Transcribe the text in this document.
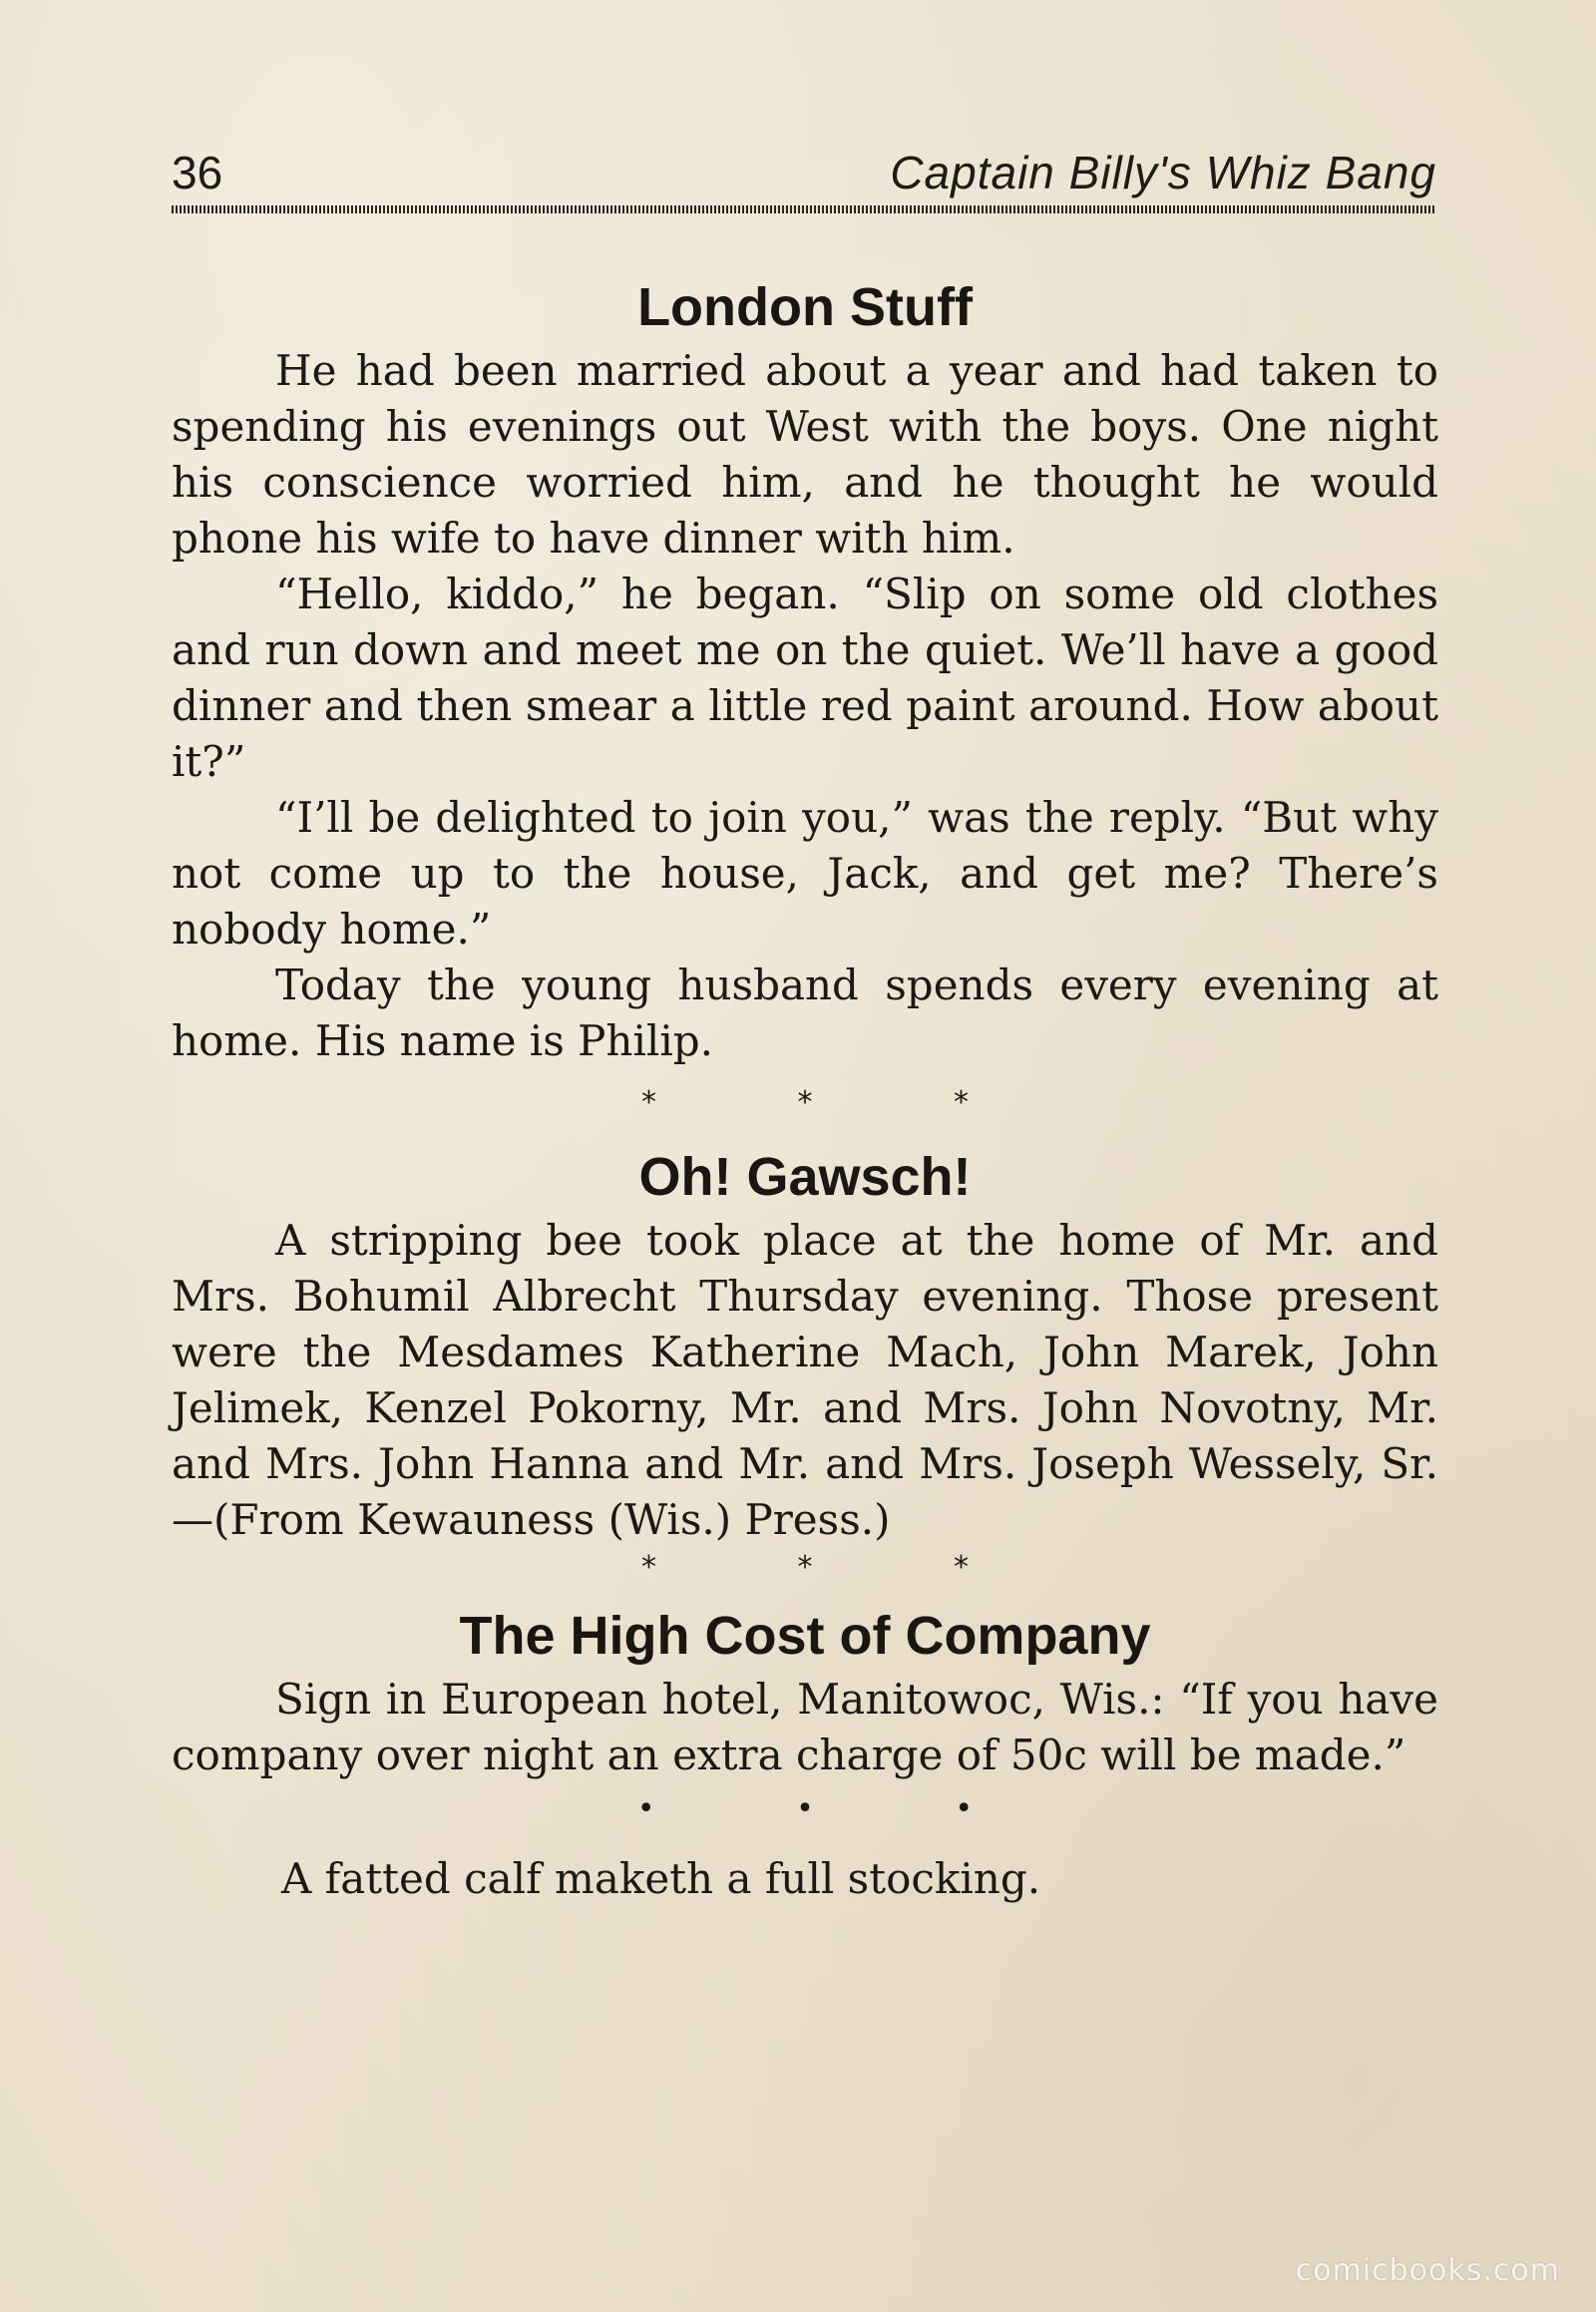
36	Captain Billy's Whiz Bang
London Stuff

He had been married about a year and had taken to spending his evenings out West with the boys. One night his conscience worried him, and he thought he would phone his wife to have dinner with him.

“Hello, kiddo,” he began. “Slip on some old clothes and run down and meet me on the quiet. We’ll have a good dinner and then smear a little red paint around. How about it?”

“I’ll be delighted to join you,” was the reply. “But why not come up to the house, Jack, and get me? There’s nobody home.”

Today the young husband spends every evening at home. His name is Philip.

* * *
Oh! Gawsch!

A stripping bee took place at the home of Mr. and Mrs. Bohumil Albrecht Thursday evening. Those present were the Mesdames Katherine Mach, John Marek, John Jelimek, Kenzel Pokorny, Mr. and Mrs. John Novotny, Mr. and Mrs. John Hanna and Mr. and Mrs. Joseph Wessely, Sr.—(From Kewauness (Wis.) Press.)

* * *
The High Cost of Company

Sign in European hotel, Manitowoc, Wis.: “If you have company over night an extra charge of 50c will be made.”

• • •

A fatted calf maketh a full stocking.

comicbooks.com
